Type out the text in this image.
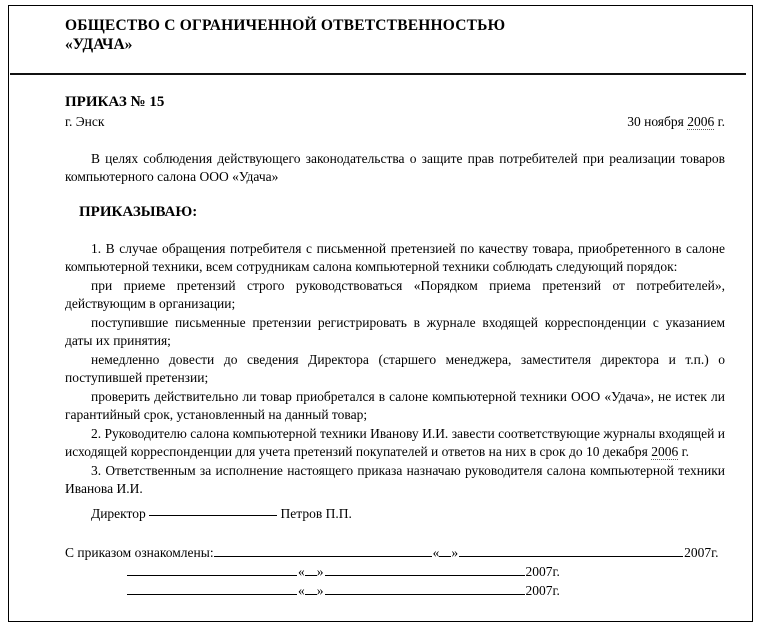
ОБЩЕСТВО С ОГРАНИЧЕННОЙ ОТВЕТСТВЕННОСТЬЮ
«УДАЧА»
ПРИКАЗ № 15
г. Энск	30 ноября 2006 г.
В целях соблюдения действующего законодательства о защите прав потребителей при реализации товаров компьютерного салона ООО «Удача»
ПРИКАЗЫВАЮ:
1. В случае обращения потребителя с письменной претензией по качеству товара, приобретенного в салоне компьютерной техники, всем сотрудникам салона компьютерной техники соблюдать следующий порядок:
при приеме претензий строго руководствоваться «Порядком приема претензий от потребителей», действующим в организации;
поступившие письменные претензии регистрировать в журнале входящей корреспонденции с указанием даты их принятия;
немедленно довести до сведения Директора (старшего менеджера, заместителя директора и т.п.) о поступившей претензии;
проверить действительно ли товар приобретался в салоне компьютерной техники ООО «Удача», не истек ли гарантийный срок, установленный на данный товар;
2. Руководителю салона компьютерной техники Иванову И.И. завести соответствующие журналы входящей и исходящей корреспонденции для учета претензий покупателей и ответов на них в срок до 10 декабря 2006 г.
3. Ответственным за исполнение настоящего приказа назначаю руководителя салона компьютерной техники Иванова И.И.
Директор	Петров П.П.
С приказом ознакомлены:	« »	2007г.
« »	2007г.
« »	2007г.
